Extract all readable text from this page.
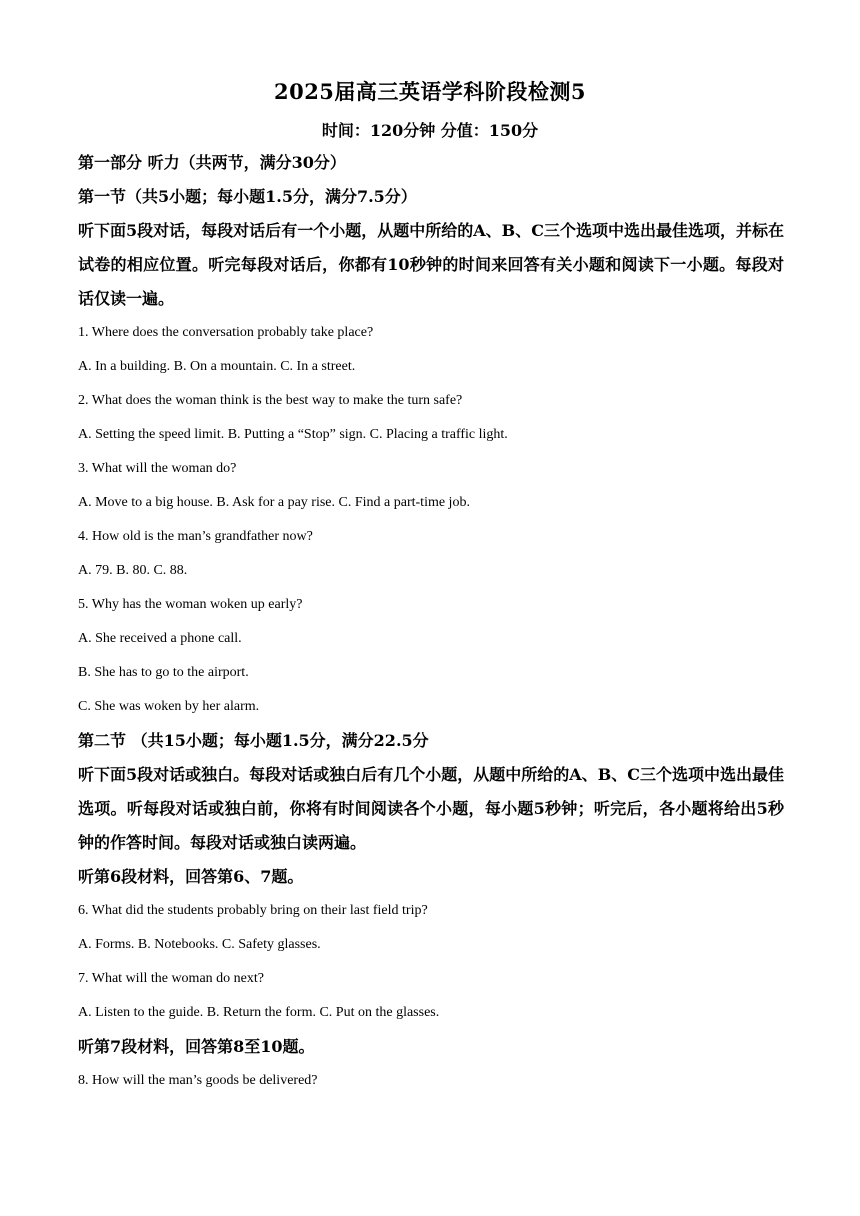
2025届高三英语学科阶段检测5
时间：120分钟 分值：150分

第一部分 听力（共两节，满分30分）

第一节（共5小题；每小题1.5分，满分7.5分）

听下面5段对话，每段对话后有一个小题，从题中所给的A、B、C三个选项中选出最佳选项，并标在试卷的相应位置。听完每段对话后，你都有10秒钟的时间来回答有关小题和阅读下一小题。每段对话仅读一遍。

1. Where does the conversation probably take place?

A. In a building. B. On a mountain. C. In a street.

2. What does the woman think is the best way to make the turn safe?

A. Setting the speed limit. B. Putting a “Stop” sign. C. Placing a traffic light.

3. What will the woman do?

A. Move to a big house. B. Ask for a pay rise. C. Find a part-time job.

4. How old is the man’s grandfather now?

A. 79. B. 80. C. 88.

5. Why has the woman woken up early?

A. She received a phone call.

B. She has to go to the airport.

C. She was woken by her alarm.

第二节 （共15小题；每小题1.5分，满分22.5分

听下面5段对话或独白。每段对话或独白后有几个小题，从题中所给的A、B、C三个选项中选出最佳选项。听每段对话或独白前，你将有时间阅读各个小题，每小题5秒钟；听完后，各小题将给出5秒钟的作答时间。每段对话或独白读两遍。

听第6段材料，回答第6、7题。

6. What did the students probably bring on their last field trip?

A. Forms. B. Notebooks. C. Safety glasses.

7. What will the woman do next?

A. Listen to the guide. B. Return the form. C. Put on the glasses.

听第7段材料，回答第8至10题。

8. How will the man’s goods be delivered?
